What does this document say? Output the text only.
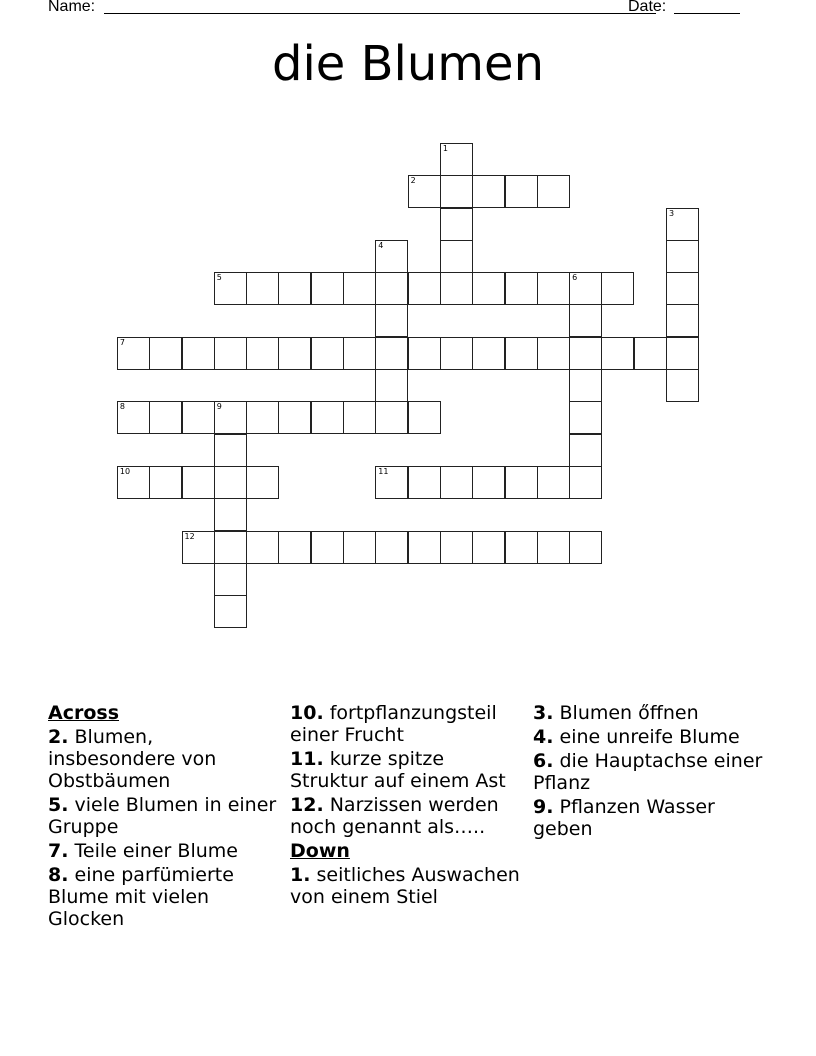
Name:	Date:
die Blumen
1
2
3
4
5	6
7
8	9
10	11
12
Across
2. Blumen, insbesondere von Obstbäumen
5. viele Blumen in einer Gruppe
7. Teile einer Blume
8. eine parfümierte Blume mit vielen Glocken
10. fortpflanzungsteil einer Frucht
11. kurze spitze Struktur auf einem Ast
12. Narzissen werden noch genannt als…..
Down
1. seitliches Auswachen von einem Stiel
3. Blumen őffnen
4. eine unreife Blume
6. die Hauptachse einer Pflanz
9. Pflanzen Wasser geben
